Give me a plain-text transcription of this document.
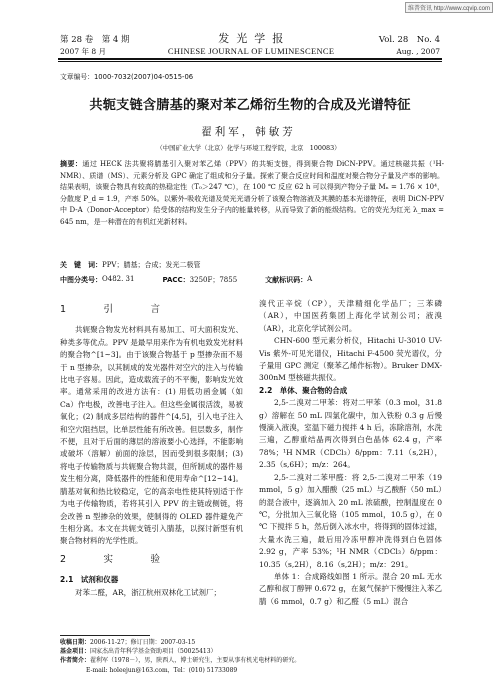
维普资讯 http://www.cqvip.com
第 28 卷　第 4 期	发光学报	Vol. 28　No. 4
2007 年 8 月	CHINESE JOURNAL OF LUMINESCENCE	Aug. , 2007
文章编号：1000-7032(2007)04-0515-06
共轭支链含腈基的聚对苯乙烯衍生物的合成及光谱特征
翟利军，韩敏芳
（中国矿业大学（北京）化学与环境工程学院，北京　100083）
摘要：通过 HECK 法共聚将腈基引入聚对苯乙烯（PPV）的共轭支链，得到聚合物 DiCN-PPV。通过核磁共振（¹H-NMR）、质谱（MS）、元素分析及 GPC 确定了组成和分子量。探索了聚合反应时间和温度对聚合物分子量及产率的影响。结果表明，该聚合物具有较高的热稳定性（T₀＞247 ℃），在 100 ℃ 反应 62 h 可以得到产物分子量 Mₙ = 1.76 × 10⁴，分散度 P_d = 1.9，产率 50%。以紫外-吸收光谱及荧光光谱分析了该聚合物溶液及其膜的基本光谱特征，表明 DiCN-PPV 中 D-A（Donor-Acceptor）给受体的结构发生分子内的能量转移，从而导致了新的能级结构。它的荧光为红光 λ_max = 645 nm，是一种潜在的有机红光新材料。
关　键　词：PPV；腈基；合成；发光二极管
中图分类号： O482. 31	PACC： 3250F；7855	文献标识码： A
1　引　言

共轭聚合物发光材料具有易加工、可大面积发光、种类多等优点。PPV 是最早用来作为有机电致发光材料的聚合物^[1~3]。由于该聚合物基于 p 型掺杂而不易于 n 型掺杂，以其制成的发光器件对空穴的注入与传输比电子容易。因此，造成载流子的不平衡，影响发光效率。通常采用的改进方法有：(1) 用低功函金属（如 Ca）作电极，改善电子注入。但这些金属很活泼，易被氧化；(2) 制成多层结构的器件^[4,5]，引入电子注入和空穴阻挡层，比单层性能有所改善。但层数多，制作不便，且对于后面的薄层的溶液要小心选择，不能影响或破坏（溶解）前面的涂层，因而受到很多限制；(3) 将电子传输物质与共轭聚合物共混，但所制成的器件易发生相分离，降低器件的性能和使用寿命^[12~14]。腈基对氧和热比较稳定，它的高亲电性使其特别适于作为电子传输物质，若将其引入 PPV 的主链或侧链，将会改善 n 型掺杂的效果，使制得的 OLED 器件避免产生相分离。本文在共轭支链引入腈基，以探讨新型有机聚合物材料的光学性质。

2　实　验
2.1　试剂和仪器

对苯二醛，AR，浙江杭州双林化工试剂厂；

溴代正辛烷（CP），天津精细化学品厂；三苯磷（AR），中国医药集团上海化学试剂公司；液溴（AR），北京化学试剂公司。

CHN-600 型元素分析仪，Hitachi U-3010 UV-Vis 紫外-可见光谱仪，Hitachi F-4500 荧光谱仪，分子量用 GPC 测定（聚苯乙烯作标物）。Bruker DMX-300nM 型核磁共振仪。

2.2　单体、聚合物的合成

2,5-二溴对二甲苯：将对二甲苯（0.3 mol，31.8 g）溶解在 50 mL 四氯化碳中，加入铁粉 0.3 g 后慢慢滴入液溴，室温下磁力搅拌 4 h 后，冻除溶剂，水洗三遍，乙醇重结晶两次得到白色晶体 62.4 g，产率 78%；¹H NMR（CDCl₃）δ/ppm：7.11（s,2H），2.35（s,6H）；m/z：264。

2,5-二溴对二苯甲醛：将 2,5-二溴对二甲苯（19 mmol，5 g）加入醋酸（25 mL）与乙酸酐（50 mL）的混合液中，逐滴加入 20 mL 浓硫酸，控制温度在 0 ℃，分批加入三氧化铬（105 mmol，10.5 g），在 0 ℃ 下搅拌 5 h，然后倒入冰水中，将得到的固体过滤，大量水洗三遍，最后用冷冻甲醇冲洗得到白色固体 2.92 g，产率 53%；¹H NMR（CDCl₃）δ/ppm：10.35（s,2H），8.16（s,2H）；m/z：291。

单体 1：合成路线如图 1 所示。混合 20 mL 无水乙醇和叔丁醇钾 0.672 g，在氮气保护下慢慢注入苯乙腈（6 mmol，0.7 g）和乙醛（5 mL）混合

收稿日期：2006-11-27；修订日期：2007-03-15
基金项目：国家杰出青年科学基金资助项目（50025413）
作者简介：翟利军（1978－），男，陕西人，博士研究生，主要从事有机光电材料的研究。
E-mail: holeejun@163.com，Tel：(010) 51733089
